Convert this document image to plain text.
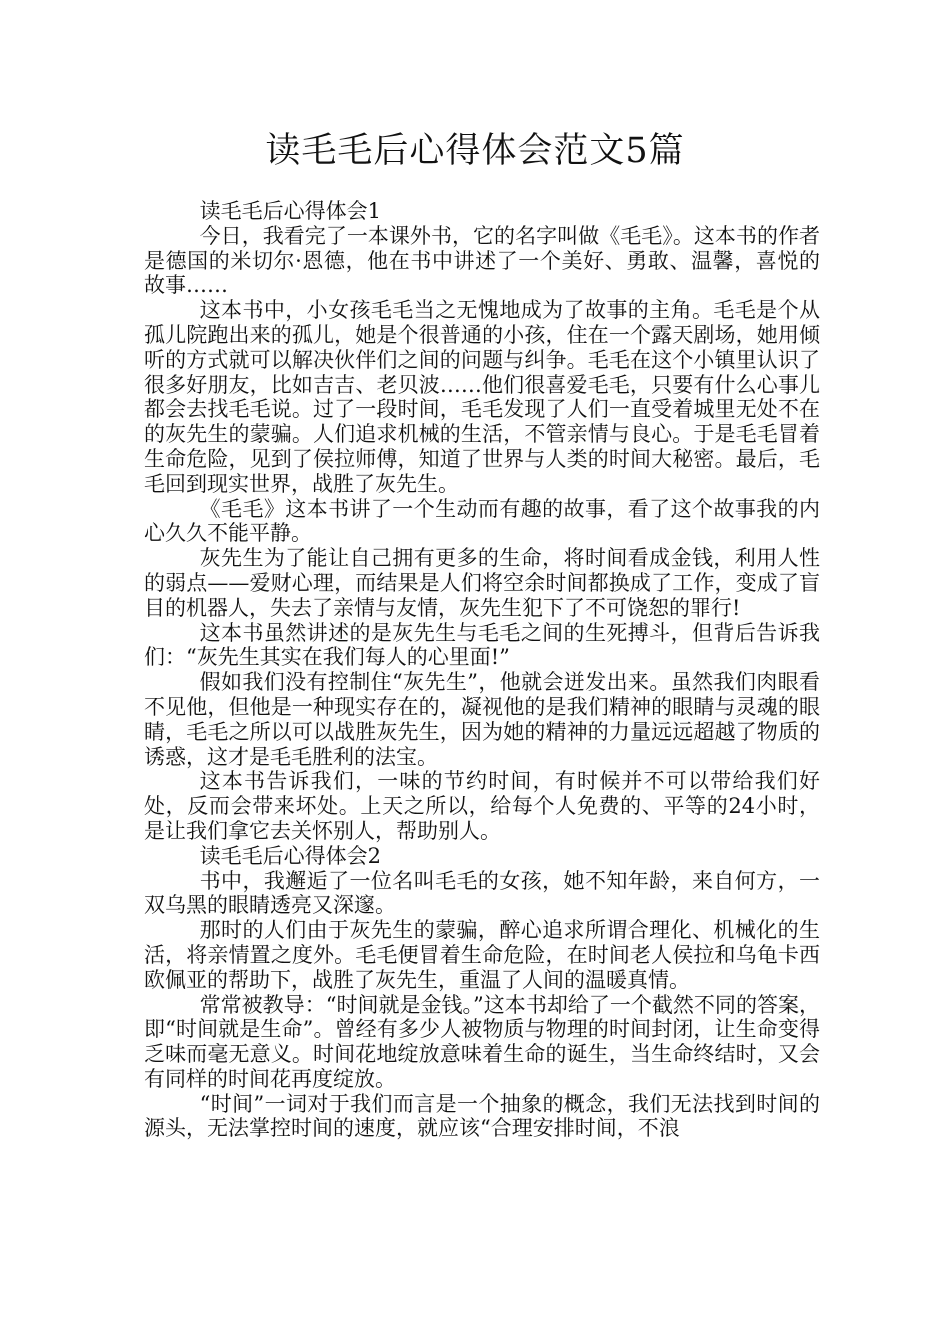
读毛毛后心得体会范文5篇

读毛毛后心得体会1

今日，我看完了一本课外书，它的名字叫做《毛毛》。这本书的作者是德国的米切尔·恩德，他在书中讲述了一个美好、勇敢、温馨，喜悦的故事……

这本书中，小女孩毛毛当之无愧地成为了故事的主角。毛毛是个从孤儿院跑出来的孤儿，她是个很普通的小孩，住在一个露天剧场，她用倾听的方式就可以解决伙伴们之间的问题与纠争。毛毛在这个小镇里认识了很多好朋友，比如吉吉、老贝波……他们很喜爱毛毛，只要有什么心事儿都会去找毛毛说。过了一段时间，毛毛发现了人们一直受着城里无处不在的灰先生的蒙骗。人们追求机械的生活，不管亲情与良心。于是毛毛冒着生命危险，见到了侯拉师傅，知道了世界与人类的时间大秘密。最后，毛毛回到现实世界，战胜了灰先生。

《毛毛》这本书讲了一个生动而有趣的故事，看了这个故事我的内心久久不能平静。

灰先生为了能让自己拥有更多的生命，将时间看成金钱，利用人性的弱点——爱财心理，而结果是人们将空余时间都换成了工作，变成了盲目的机器人，失去了亲情与友情，灰先生犯下了不可饶恕的罪行!

这本书虽然讲述的是灰先生与毛毛之间的生死搏斗，但背后告诉我们：“灰先生其实在我们每人的心里面!”

假如我们没有控制住“灰先生”，他就会迸发出来。虽然我们肉眼看不见他，但他是一种现实存在的，凝视他的是我们精神的眼睛与灵魂的眼睛，毛毛之所以可以战胜灰先生，因为她的精神的力量远远超越了物质的诱惑，这才是毛毛胜利的法宝。

这本书告诉我们，一味的节约时间，有时候并不可以带给我们好处，反而会带来坏处。上天之所以，给每个人免费的、平等的24小时，是让我们拿它去关怀别人，帮助别人。

读毛毛后心得体会2

书中，我邂逅了一位名叫毛毛的女孩，她不知年龄，来自何方，一双乌黑的眼睛透亮又深邃。

那时的人们由于灰先生的蒙骗，醉心追求所谓合理化、机械化的生活，将亲情置之度外。毛毛便冒着生命危险，在时间老人侯拉和乌龟卡西欧佩亚的帮助下，战胜了灰先生，重温了人间的温暖真情。

常常被教导：“时间就是金钱。”这本书却给了一个截然不同的答案，即“时间就是生命”。曾经有多少人被物质与物理的时间封闭，让生命变得乏味而毫无意义。时间花地绽放意味着生命的诞生，当生命终结时，又会有同样的时间花再度绽放。

“时间”一词对于我们而言是一个抽象的概念，我们无法找到时间的源头，无法掌控时间的速度，就应该“合理安排时间，不浪
